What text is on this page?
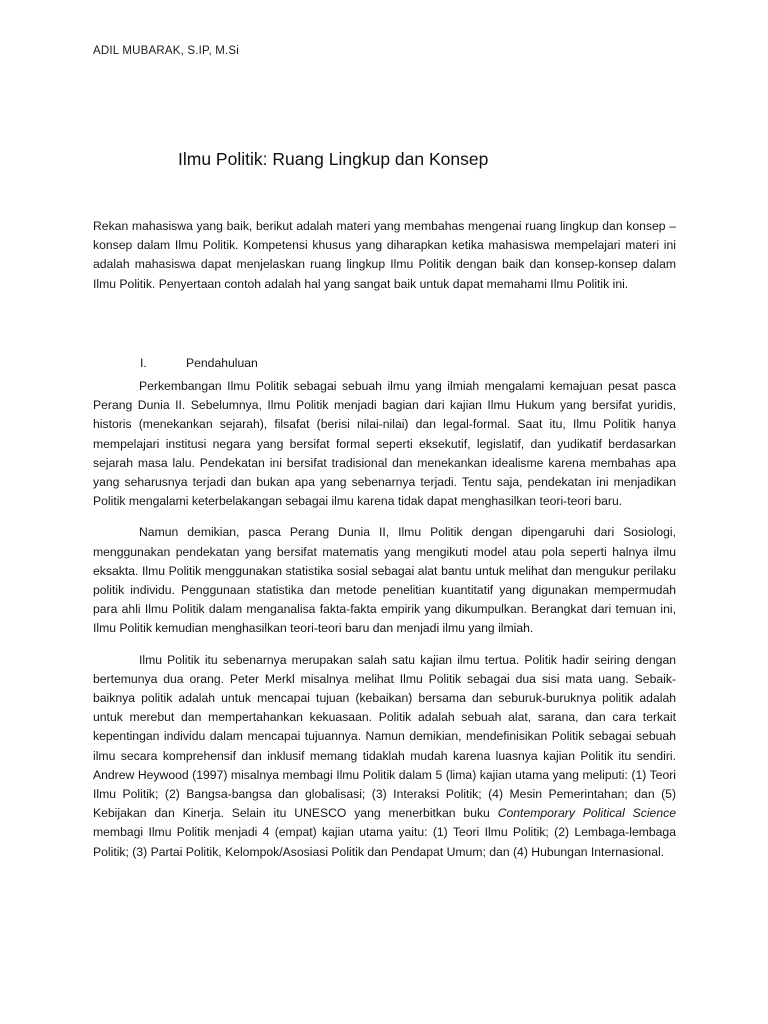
ADIL MUBARAK, S.IP, M.Si
Ilmu Politik: Ruang Lingkup dan Konsep

Rekan mahasiswa yang baik, berikut adalah materi yang membahas mengenai ruang lingkup dan konsep –konsep dalam Ilmu Politik. Kompetensi khusus yang diharapkan ketika mahasiswa mempelajari materi ini adalah mahasiswa dapat menjelaskan ruang lingkup Ilmu Politik dengan baik dan konsep-konsep dalam Ilmu Politik. Penyertaan contoh adalah hal yang sangat baik untuk dapat memahami Ilmu Politik ini.

I.	Pendahuluan

Perkembangan Ilmu Politik sebagai sebuah ilmu yang ilmiah mengalami kemajuan pesat pasca Perang Dunia II. Sebelumnya, Ilmu Politik menjadi bagian dari kajian Ilmu Hukum yang bersifat yuridis, historis (menekankan sejarah), filsafat (berisi nilai-nilai) dan legal-formal. Saat itu, Ilmu Politik hanya mempelajari institusi negara yang bersifat formal seperti eksekutif, legislatif, dan yudikatif berdasarkan sejarah masa lalu. Pendekatan ini bersifat tradisional dan menekankan idealisme karena membahas apa yang seharusnya terjadi dan bukan apa yang sebenarnya terjadi. Tentu saja, pendekatan ini menjadikan Politik mengalami keterbelakangan sebagai ilmu karena tidak dapat menghasilkan teori-teori baru.

Namun demikian, pasca Perang Dunia II, Ilmu Politik dengan dipengaruhi dari Sosiologi, menggunakan pendekatan yang bersifat matematis yang mengikuti model atau pola seperti halnya ilmu eksakta. Ilmu Politik menggunakan statistika sosial sebagai alat bantu untuk melihat dan mengukur perilaku politik individu. Penggunaan statistika dan metode penelitian kuantitatif yang digunakan mempermudah para ahli Ilmu Politik dalam menganalisa fakta-fakta empirik yang dikumpulkan. Berangkat dari temuan ini, Ilmu Politik kemudian menghasilkan teori-teori baru dan menjadi ilmu yang ilmiah.

Ilmu Politik itu sebenarnya merupakan salah satu kajian ilmu tertua. Politik hadir seiring dengan bertemunya dua orang. Peter Merkl misalnya melihat Ilmu Politik sebagai dua sisi mata uang. Sebaik-baiknya politik adalah untuk mencapai tujuan (kebaikan) bersama dan seburuk-buruknya politik adalah untuk merebut dan mempertahankan kekuasaan. Politik adalah sebuah alat, sarana, dan cara terkait kepentingan individu dalam mencapai tujuannya. Namun demikian, mendefinisikan Politik sebagai sebuah ilmu secara komprehensif dan inklusif memang tidaklah mudah karena luasnya kajian Politik itu sendiri. Andrew Heywood (1997) misalnya membagi Ilmu Politik dalam 5 (lima) kajian utama yang meliputi: (1) Teori Ilmu Politik; (2) Bangsa-bangsa dan globalisasi; (3) Interaksi Politik; (4) Mesin Pemerintahan; dan (5) Kebijakan dan Kinerja. Selain itu UNESCO yang menerbitkan buku Contemporary Political Science membagi Ilmu Politik menjadi 4 (empat) kajian utama yaitu: (1) Teori Ilmu Politik; (2) Lembaga-lembaga Politik; (3) Partai Politik, Kelompok/Asosiasi Politik dan Pendapat Umum; dan (4) Hubungan Internasional.
